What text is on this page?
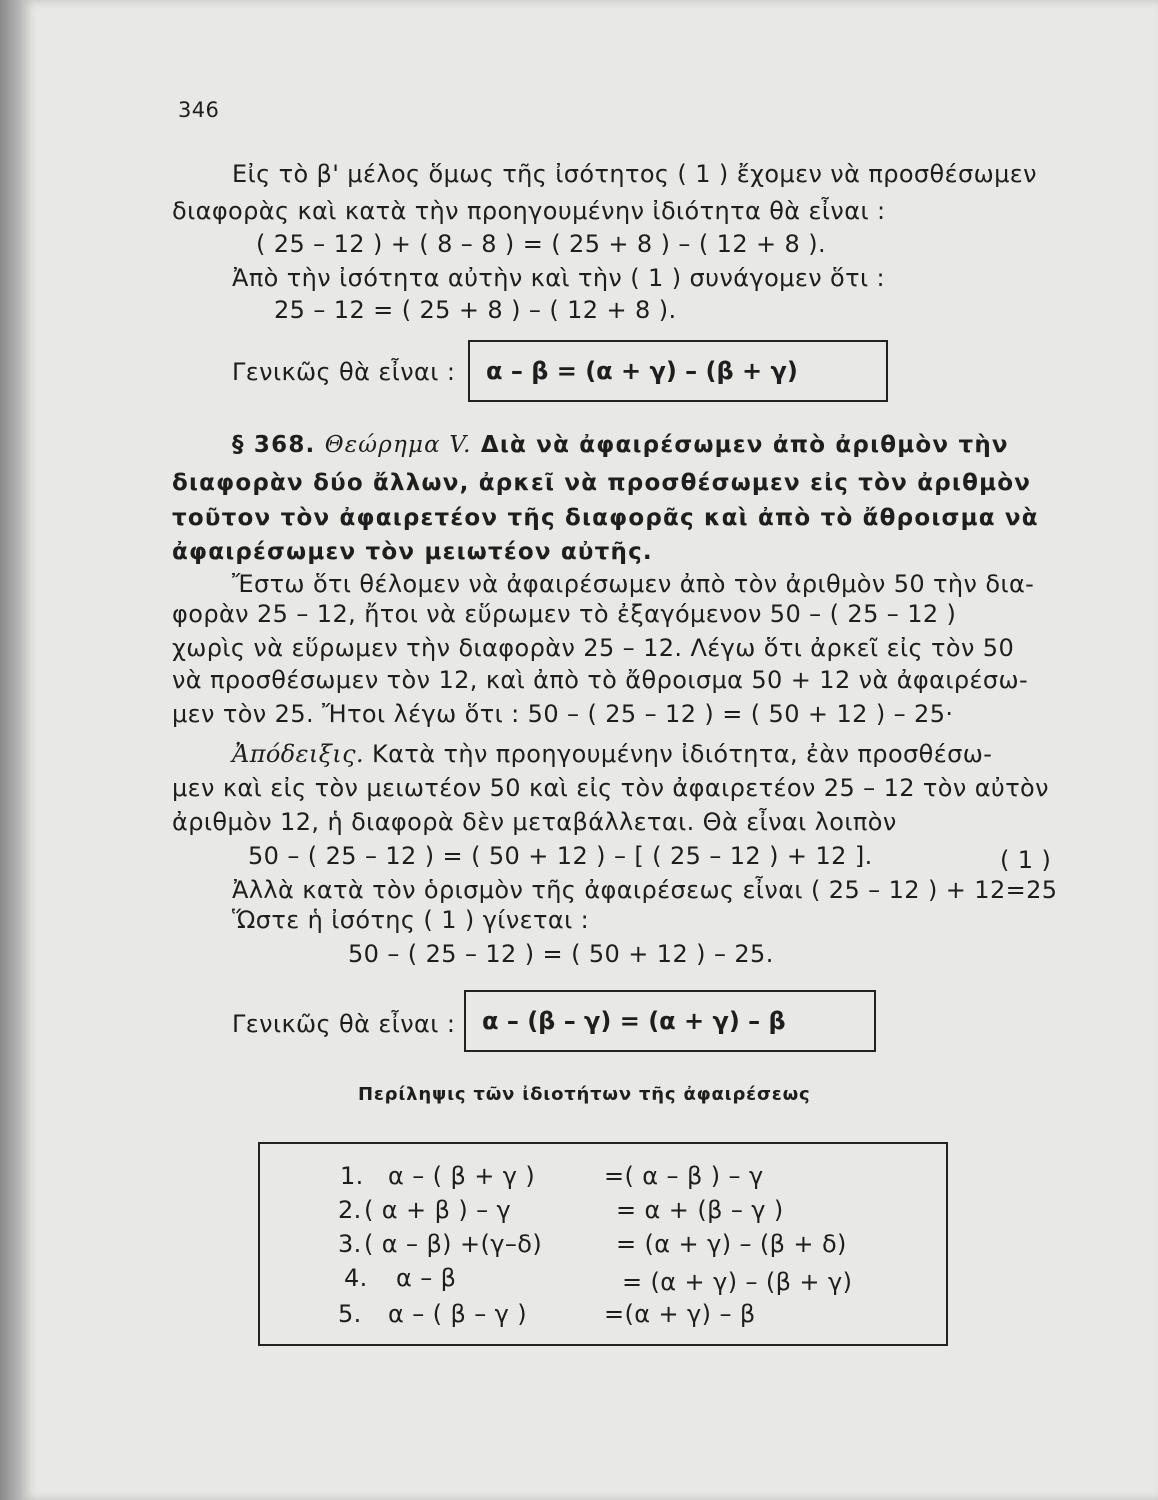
346
Εἰς τὸ β' μέλος ὅμως τῆς ἰσότητος ( 1 ) ἔχομεν νὰ προσθέσωμεν
διαφορὰς καὶ κατὰ τὴν προηγουμένην ἰδιότητα θὰ εἶναι :
( 25 – 12 ) + ( 8 – 8 ) = ( 25 + 8 ) – ( 12 + 8 ).
Ἀπὸ τὴν ἰσότητα αὐτὴν καὶ τὴν ( 1 ) συνάγομεν ὅτι :
25 – 12 = ( 25 + 8 ) – ( 12 + 8 ).
Γενικῶς θὰ εἶναι : α – β = (α + γ) – (β + γ)
§ 368. Θεώρημα V. Διὰ νὰ ἀφαιρέσωμεν ἀπὸ ἀριθμὸν τὴν
διαφορὰν δύο ἄλλων, ἀρκεῖ νὰ προσθέσωμεν εἰς τὸν ἀριθμὸν
τοῦτον τὸν ἀφαιρετέον τῆς διαφορᾶς καὶ ἀπὸ τὸ ἄθροισμα νὰ
ἀφαιρέσωμεν τὸν μειωτέον αὐτῆς.
Ἔστω ὅτι θέλομεν νὰ ἀφαιρέσωμεν ἀπὸ τὸν ἀριθμὸν 50 τὴν δια-
φορὰν 25 – 12, ἤτοι νὰ εὕρωμεν τὸ ἐξαγόμενον 50 – ( 25 – 12 )
χωρὶς νὰ εὕρωμεν τὴν διαφορὰν 25 – 12. Λέγω ὅτι ἀρκεῖ εἰς τὸν 50
νὰ προσθέσωμεν τὸν 12, καὶ ἀπὸ τὸ ἄθροισμα 50 + 12 νὰ ἀφαιρέσω-
μεν τὸν 25. Ἤτοι λέγω ὅτι : 50 – ( 25 – 12 ) = ( 50 + 12 ) – 25·
Ἀπόδειξις. Κατὰ τὴν προηγουμένην ἰδιότητα, ἐὰν προσθέσω-
μεν καὶ εἰς τὸν μειωτέον 50 καὶ εἰς τὸν ἀφαιρετέον 25 – 12 τὸν αὐτὸν
ἀριθμὸν 12, ἡ διαφορὰ δὲν μεταβάλλεται. Θὰ εἶναι λοιπὸν
50 – ( 25 – 12 ) = ( 50 + 12 ) – [ ( 25 – 12 ) + 12 ].	( 1 )
Ἀλλὰ κατὰ τὸν ὁρισμὸν τῆς ἀφαιρέσεως εἶναι ( 25 – 12 ) + 12=25
Ὥστε ἡ ἰσότης ( 1 ) γίνεται :
50 – ( 25 – 12 ) = ( 50 + 12 ) – 25.
Γενικῶς θὰ εἶναι : α – (β – γ) = (α + γ) – β
Περίληψις τῶν ἰδιοτήτων τῆς ἀφαιρέσεως
1. α – ( β + γ )	=( α – β ) – γ
2. ( α + β ) – γ	= α + (β – γ )
3. ( α – β) +(γ–δ)	= (α + γ) – (β + δ)
4. α – β	= (α + γ) – (β + γ)
5. α – ( β – γ )	=(α + γ) – β
